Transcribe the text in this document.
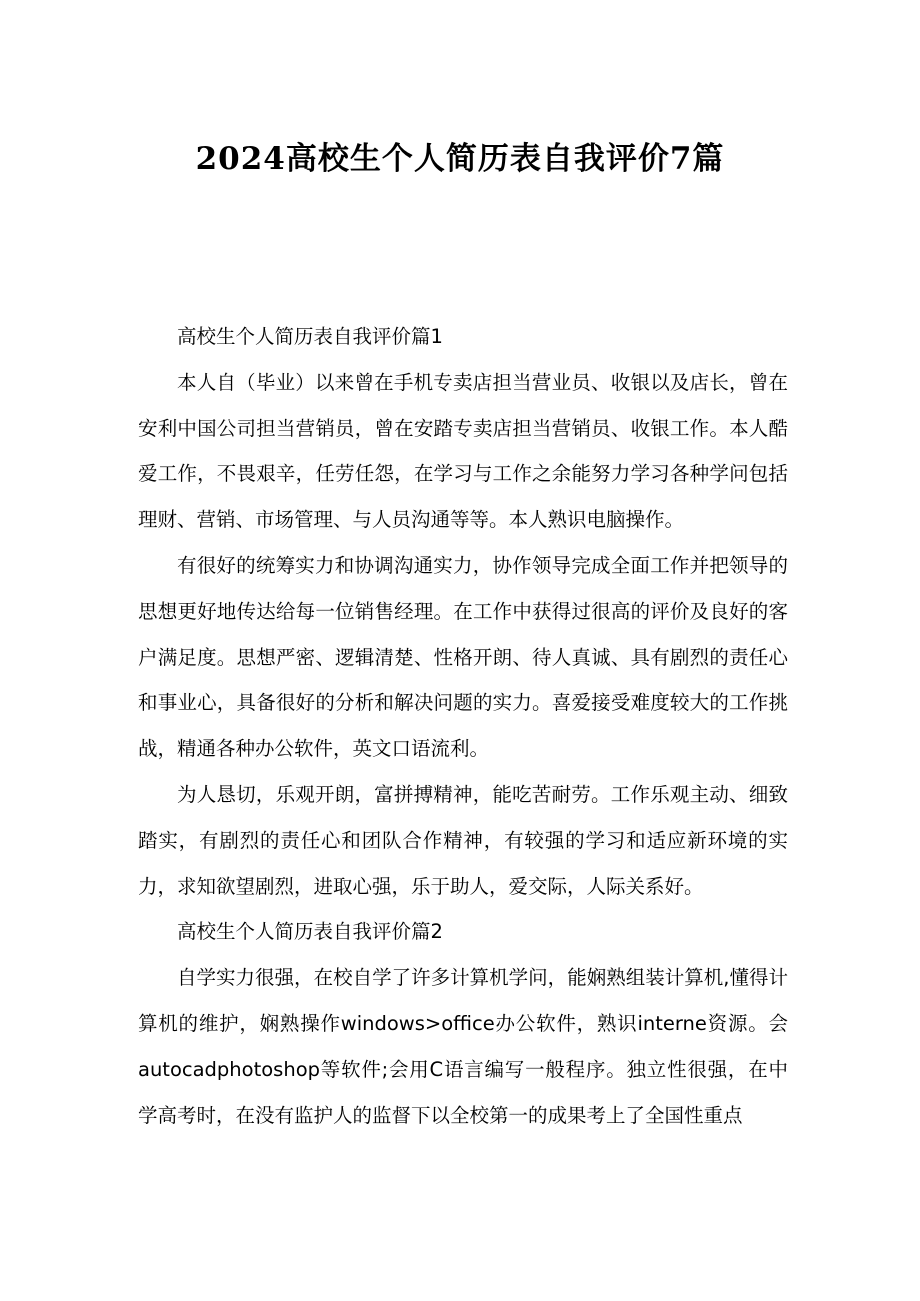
2024高校生个人简历表自我评价7篇

高校生个人简历表自我评价篇1

本人自（毕业）以来曾在手机专卖店担当营业员、收银以及店长，曾在安利中国公司担当营销员，曾在安踏专卖店担当营销员、收银工作。本人酷爱工作，不畏艰辛，任劳任怨，在学习与工作之余能努力学习各种学问包括理财、营销、市场管理、与人员沟通等等。本人熟识电脑操作。

有很好的统筹实力和协调沟通实力，协作领导完成全面工作并把领导的思想更好地传达给每一位销售经理。在工作中获得过很高的评价及良好的客户满足度。思想严密、逻辑清楚、性格开朗、待人真诚、具有剧烈的责任心和事业心，具备很好的分析和解决问题的实力。喜爱接受难度较大的工作挑战，精通各种办公软件，英文口语流利。

为人恳切，乐观开朗，富拼搏精神，能吃苦耐劳。工作乐观主动、细致踏实，有剧烈的责任心和团队合作精神，有较强的学习和适应新环境的实力，求知欲望剧烈，进取心强，乐于助人，爱交际，人际关系好。

高校生个人简历表自我评价篇2

自学实力很强，在校自学了许多计算机学问，能娴熟组装计算机,懂得计算机的维护，娴熟操作windows>office办公软件，熟识interne资源。会autocadphotoshop等软件;会用C语言编写一般程序。独立性很强，在中学高考时，在没有监护人的监督下以全校第一的成果考上了全国性重点
